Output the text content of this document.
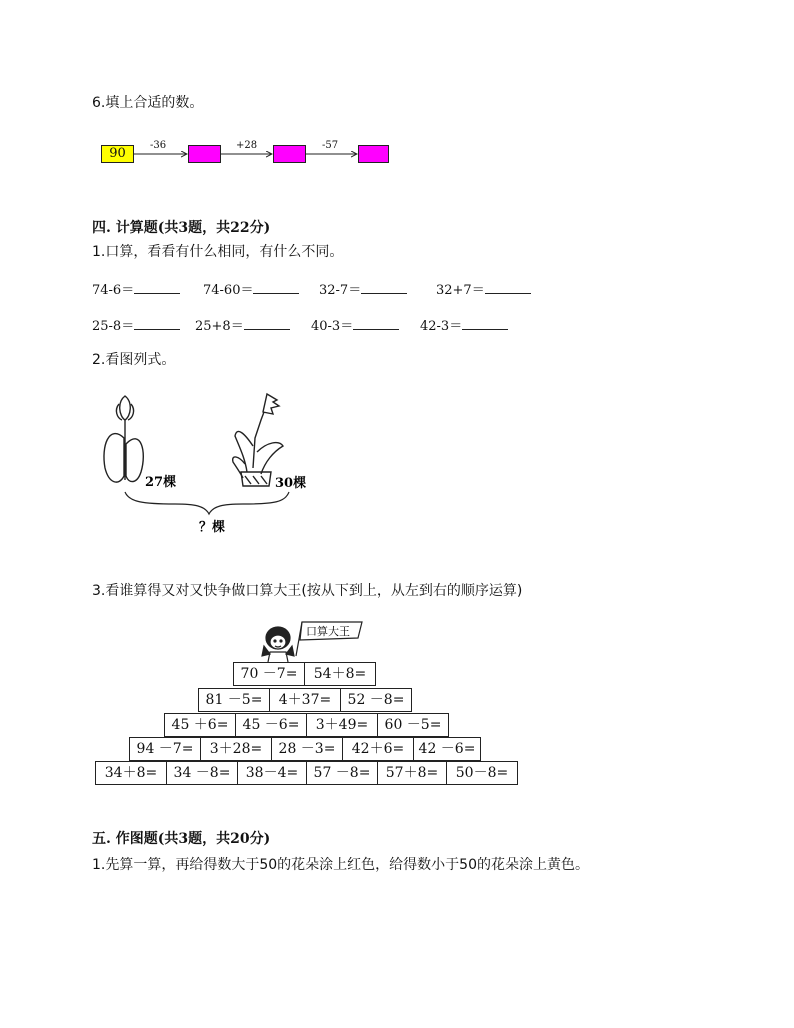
6.填上合适的数。
90
-36	+28	-57
四. 计算题(共3题，共22分)
1.口算，看看有什么相同，有什么不同。
74-6＝	74-60＝	32-7＝	32+7＝
25-8＝	25+8＝	40-3＝	42-3＝
2.看图列式。
27棵	30棵
？棵
3.看谁算得又对又快争做口算大王(按从下到上，从左到右的顺序运算)
口算大王
70 －7=	54＋8=
81 －5=	4＋37=	52 －8=
45 ＋6=	45 －6=	3＋49=	60 －5=
94 －7=	3＋28=	28 －3=	42＋6=	42 －6=
34＋8=	34 －8=	38－4=	57 －8=	57＋8=	50－8=
五. 作图题(共3题，共20分)
1.先算一算，再给得数大于50的花朵涂上红色，给得数小于50的花朵涂上黄色。
